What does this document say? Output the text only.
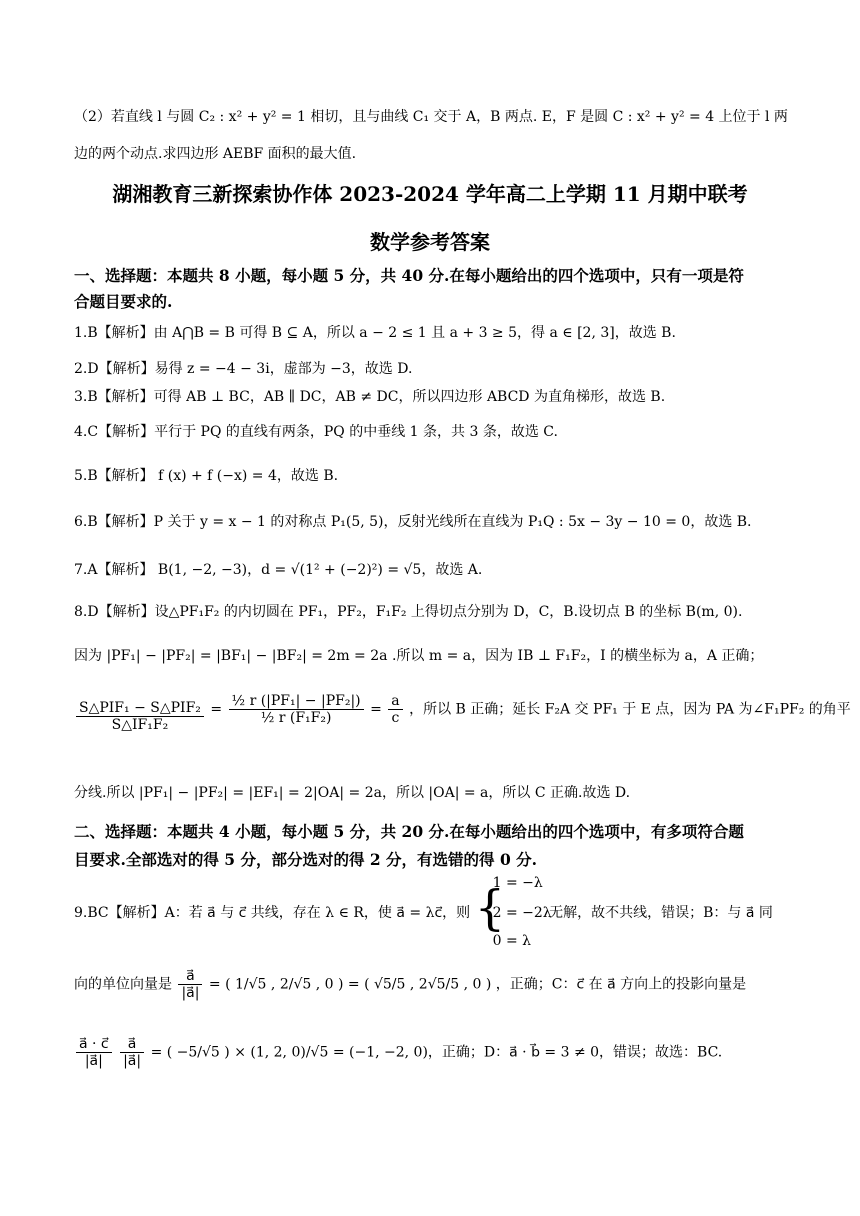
（2）若直线 l 与圆 C₂ : x² + y² = 1 相切，且与曲线 C₁ 交于 A，B 两点. E，F 是圆 C : x² + y² = 4 上位于 l 两
边的两个动点.求四边形 AEBF 面积的最大值.
湖湘教育三新探索协作体 2023-2024 学年高二上学期 11 月期中联考
数学参考答案
一、选择题：本题共 8 小题，每小题 5 分，共 40 分.在每小题给出的四个选项中，只有一项是符
合题目要求的.
1.B【解析】由 A⋂B = B 可得 B ⊆ A，所以 a − 2 ≤ 1 且 a + 3 ≥ 5，得 a ∈ [2, 3]，故选 B.
2.D【解析】易得 z = −4 − 3i，虚部为 −3，故选 D.
3.B【解析】可得 AB ⊥ BC，AB ∥ DC，AB ≠ DC，所以四边形 ABCD 为直角梯形，故选 B.
4.C【解析】平行于 PQ 的直线有两条，PQ 的中垂线 1 条，共 3 条，故选 C.
5.B【解析】 f (x) + f (−x) = 4，故选 B.
6.B【解析】P 关于 y = x − 1 的对称点 P₁(5, 5)，反射光线所在直线为 P₁Q : 5x − 3y − 10 = 0，故选 B.
7.A【解析】 B(1, −2, −3)，d = √(1² + (−2)²) = √5，故选 A.
8.D【解析】设△PF₁F₂ 的内切圆在 PF₁，PF₂，F₁F₂ 上得切点分别为 D，C，B.设切点 B 的坐标 B(m, 0).
因为 |PF₁| − |PF₂| = |BF₁| − |BF₂| = 2m = 2a .所以 m = a，因为 IB ⊥ F₁F₂，I 的横坐标为 a，A 正确；
$\frac{\text{S△PIF₁ − S△PIF₂}}{\text{S△IF₁F₂}} = \frac{\text{½ r (|PF₁| − |PF₂|)}}{\text{½ r (F₁F₂)}} = \frac{a}{c}$ ，所以 B 正确；延长 F₂A 交 PF₁ 于 E 点，因为 PA 为∠F₁PF₂ 的角平
分线.所以 |PF₁| − |PF₂| = |EF₁| = 2|OA| = 2a，所以 |OA| = a，所以 C 正确.故选 D.
二、选择题：本题共 4 小题，每小题 5 分，共 20 分.在每小题给出的四个选项中，有多项符合题
目要求.全部选对的得 5 分，部分选对的得 2 分，有选错的得 0 分.
9.BC【解析】A：若 a⃗ 与 c⃗ 共线，存在 λ ∈ R，使 a⃗ = λc⃗，则 {
1 = −λ
2 = −2λ
0 = λ
无解，故不共线，错误；B：与 a⃗ 同
向的单位向量是 $\frac{a⃗}{|a⃗|}$ = ( 1/√5 , 2/√5 , 0 ) = ( √5/5 , 2√5/5 , 0 ) ，正确；C：c⃗ 在 a⃗ 方向上的投影向量是
$\frac{a⃗ \cdot c⃗}{|a⃗|}$
$\frac{a⃗}{|a⃗|}$ = ( −5/√5 ) × (1, 2, 0)/√5 = (−1, −2, 0)，正确；D：a⃗ · b⃗ = 3 ≠ 0，错误；故选：BC.
